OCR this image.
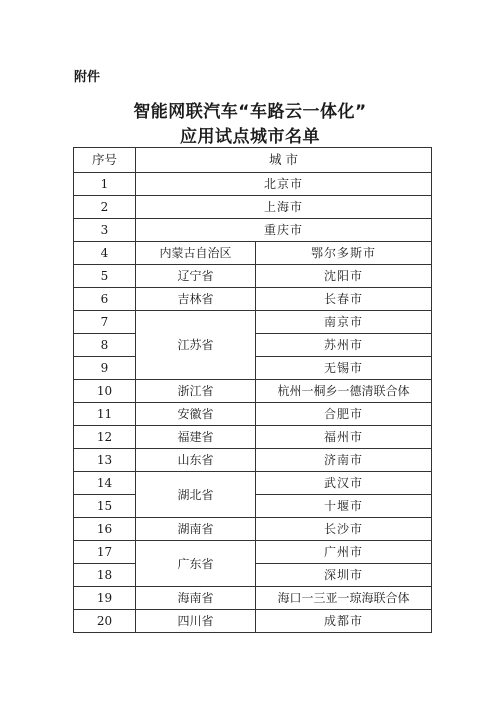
附件
智能网联汽车“车路云一体化”
应用试点城市名单
序号	城 市	
1	北京市	
2	上海市	
3	重庆市	
4	内蒙古自治区	鄂尔多斯市
5	辽宁省	沈阳市
6	吉林省	长春市
7	江苏省	南京市
8		苏州市
9		无锡市
10	浙江省	杭州一桐乡一德清联合体
11	安徽省	合肥市
12	福建省	福州市
13	山东省	济南市
14	湖北省	武汉市
15		十堰市
16	湖南省	长沙市
17	广东省	广州市
18		深圳市
19	海南省	海口一三亚一琼海联合体
20	四川省	成都市
